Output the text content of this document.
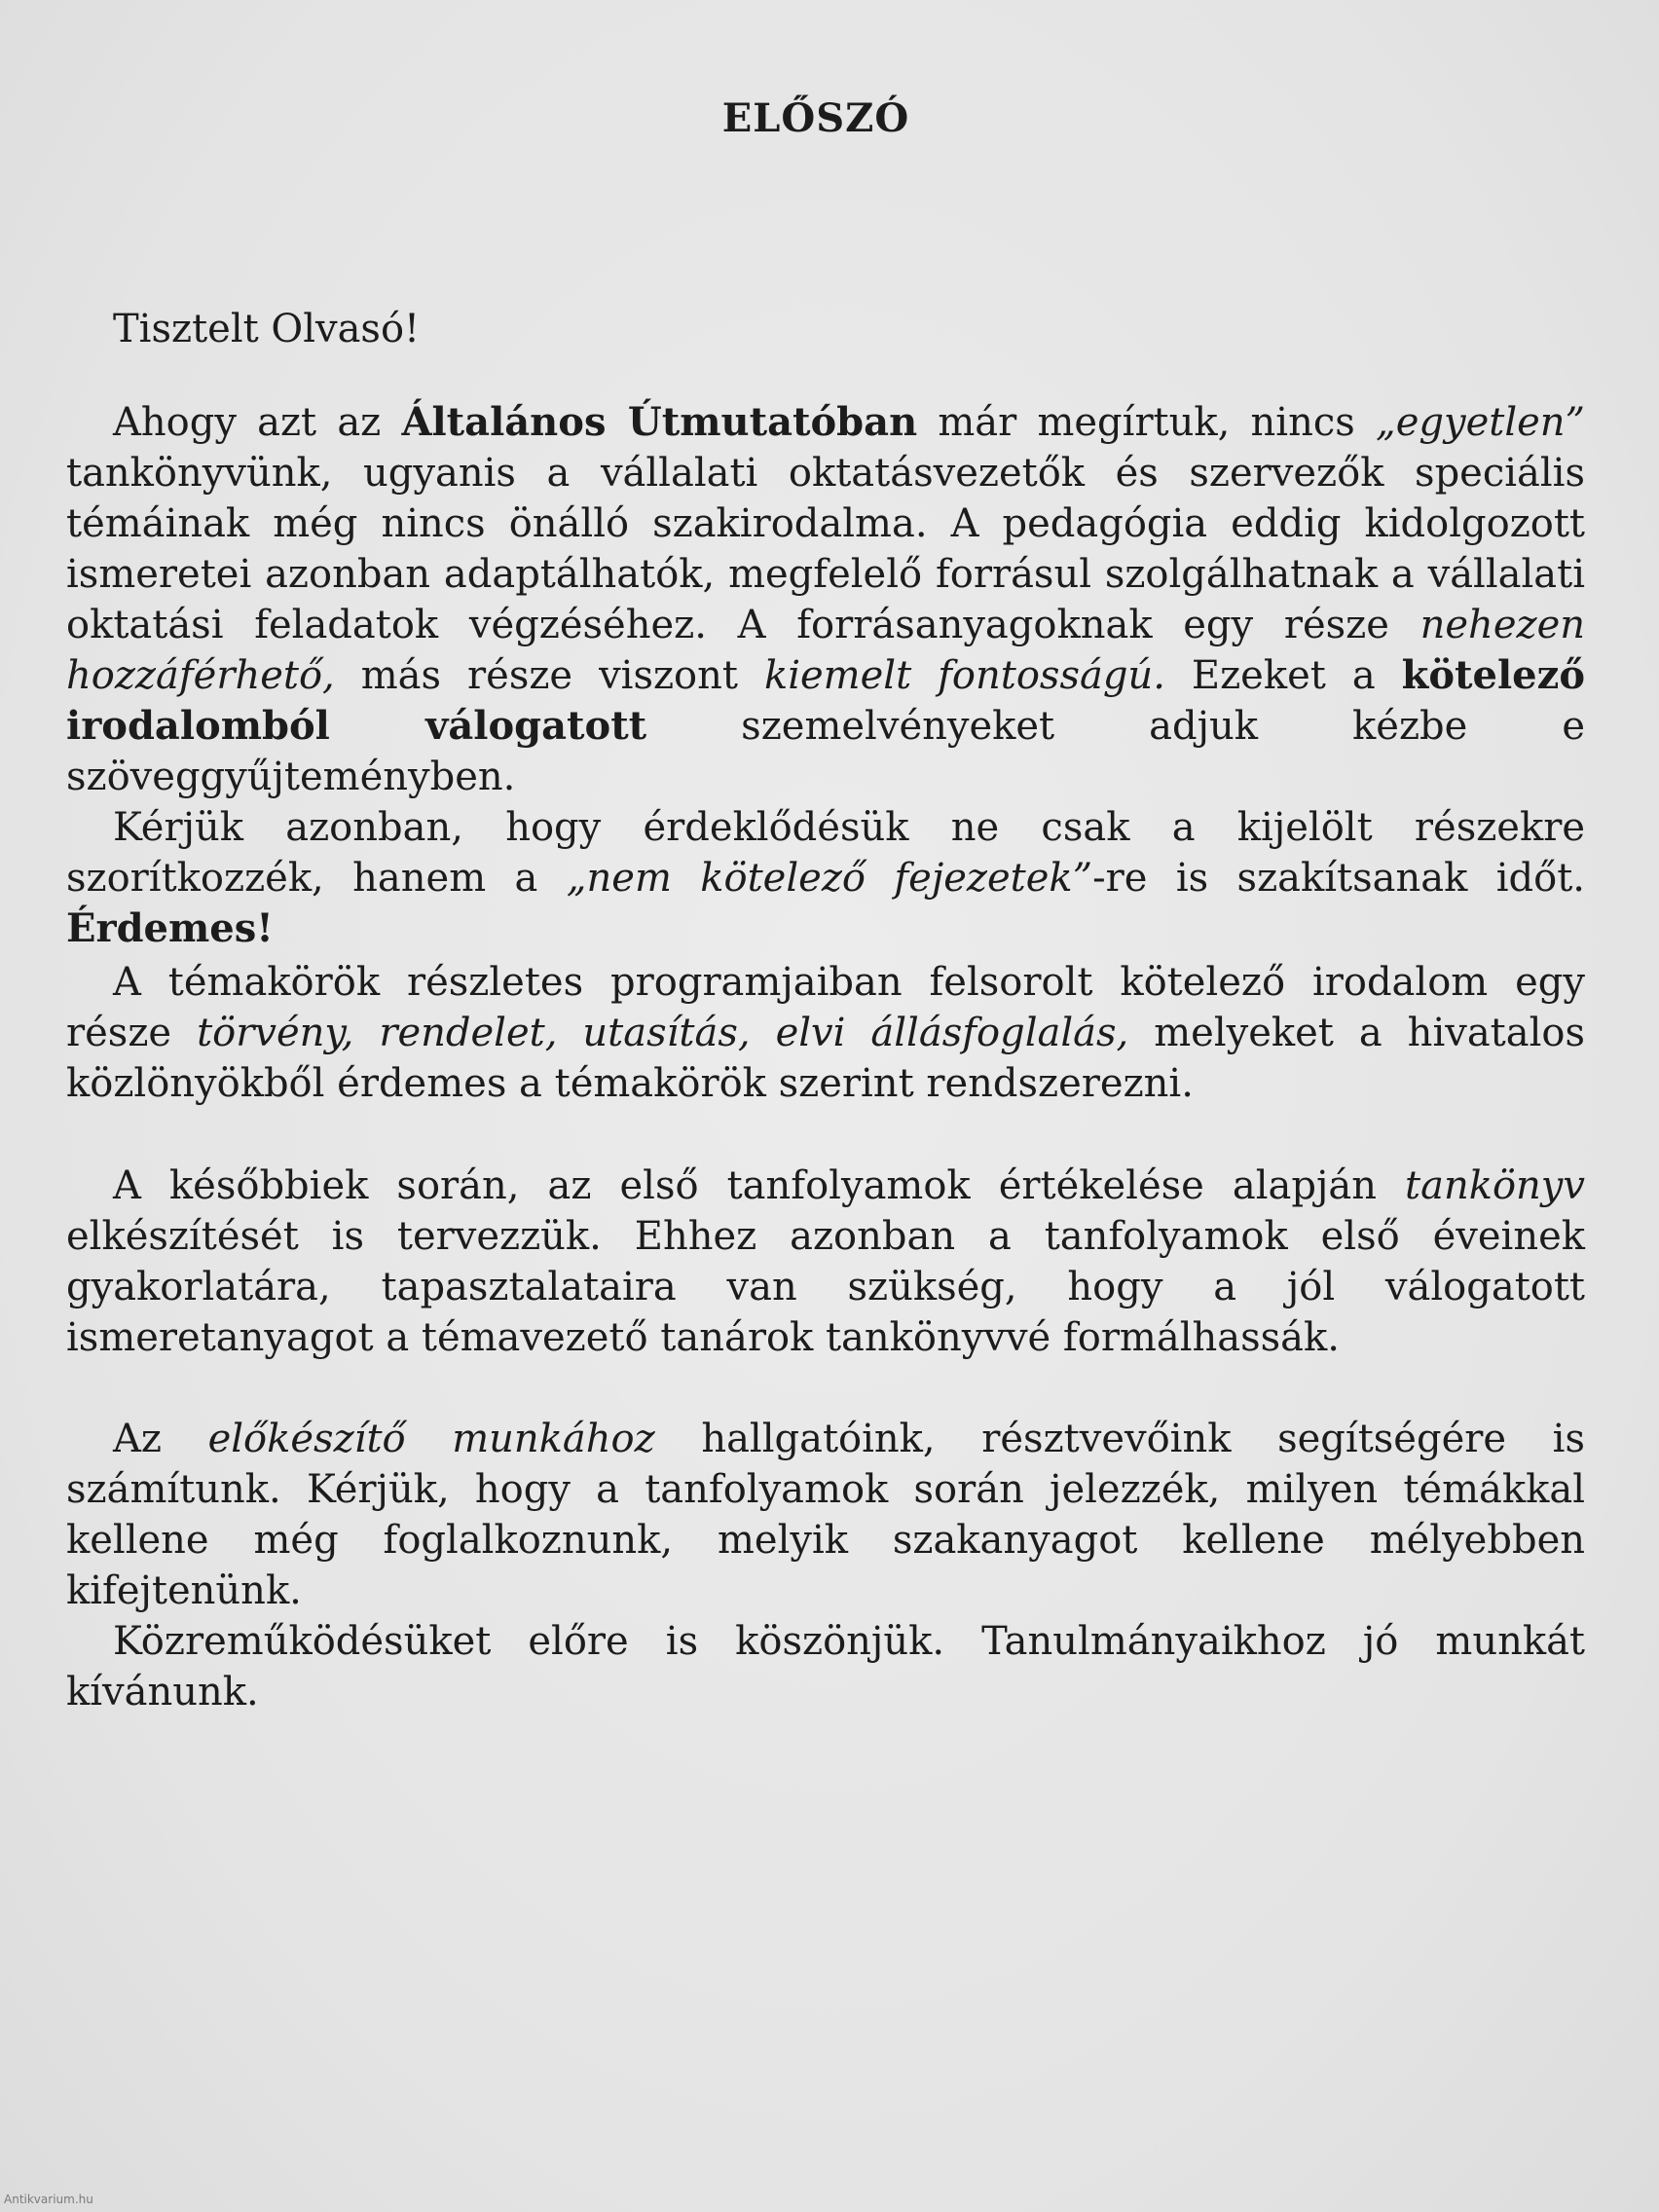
ELŐSZÓ

Tisztelt Olvasó!

Ahogy azt az Általános Útmutatóban már megírtuk, nincs „egyetlen” tankönyvünk, ugyanis a vállalati oktatásvezetők és szervezők speciális témáinak még nincs önálló szakirodalma. A pedagógia eddig kidolgozott ismeretei azonban adaptálhatók, megfelelő forrásul szolgálhatnak a vállalati oktatási feladatok végzéséhez. A forrásanyagoknak egy része nehezen hozzáférhető, más része viszont kiemelt fontosságú. Ezeket a kötelező irodalomból válogatott szemelvényeket adjuk kézbe e szöveggyűjteményben.

Kérjük azonban, hogy érdeklődésük ne csak a kijelölt részekre szorítkozzék, hanem a „nem kötelező fejezetek”-re is szakítsanak időt. Érdemes!

A témakörök részletes programjaiban felsorolt kötelező irodalom egy része törvény, rendelet, utasítás, elvi állásfoglalás, melyeket a hivatalos közlönyökből érdemes a témakörök szerint rendszerezni.

A későbbiek során, az első tanfolyamok értékelése alapján tankönyv elkészítését is tervezzük. Ehhez azonban a tanfolyamok első éveinek gyakorlatára, tapasztalataira van szükség, hogy a jól válogatott ismeretanyagot a témavezető tanárok tankönyvvé formálhassák.

Az előkészítő munkához hallgatóink, résztvevőink segítségére is számítunk. Kérjük, hogy a tanfolyamok során jelezzék, milyen témákkal kellene még foglalkoznunk, melyik szakanyagot kellene mélyebben kifejtenünk.

Közreműködésüket előre is köszönjük. Tanulmányaikhoz jó munkát kívánunk.

Antikvarium.hu
